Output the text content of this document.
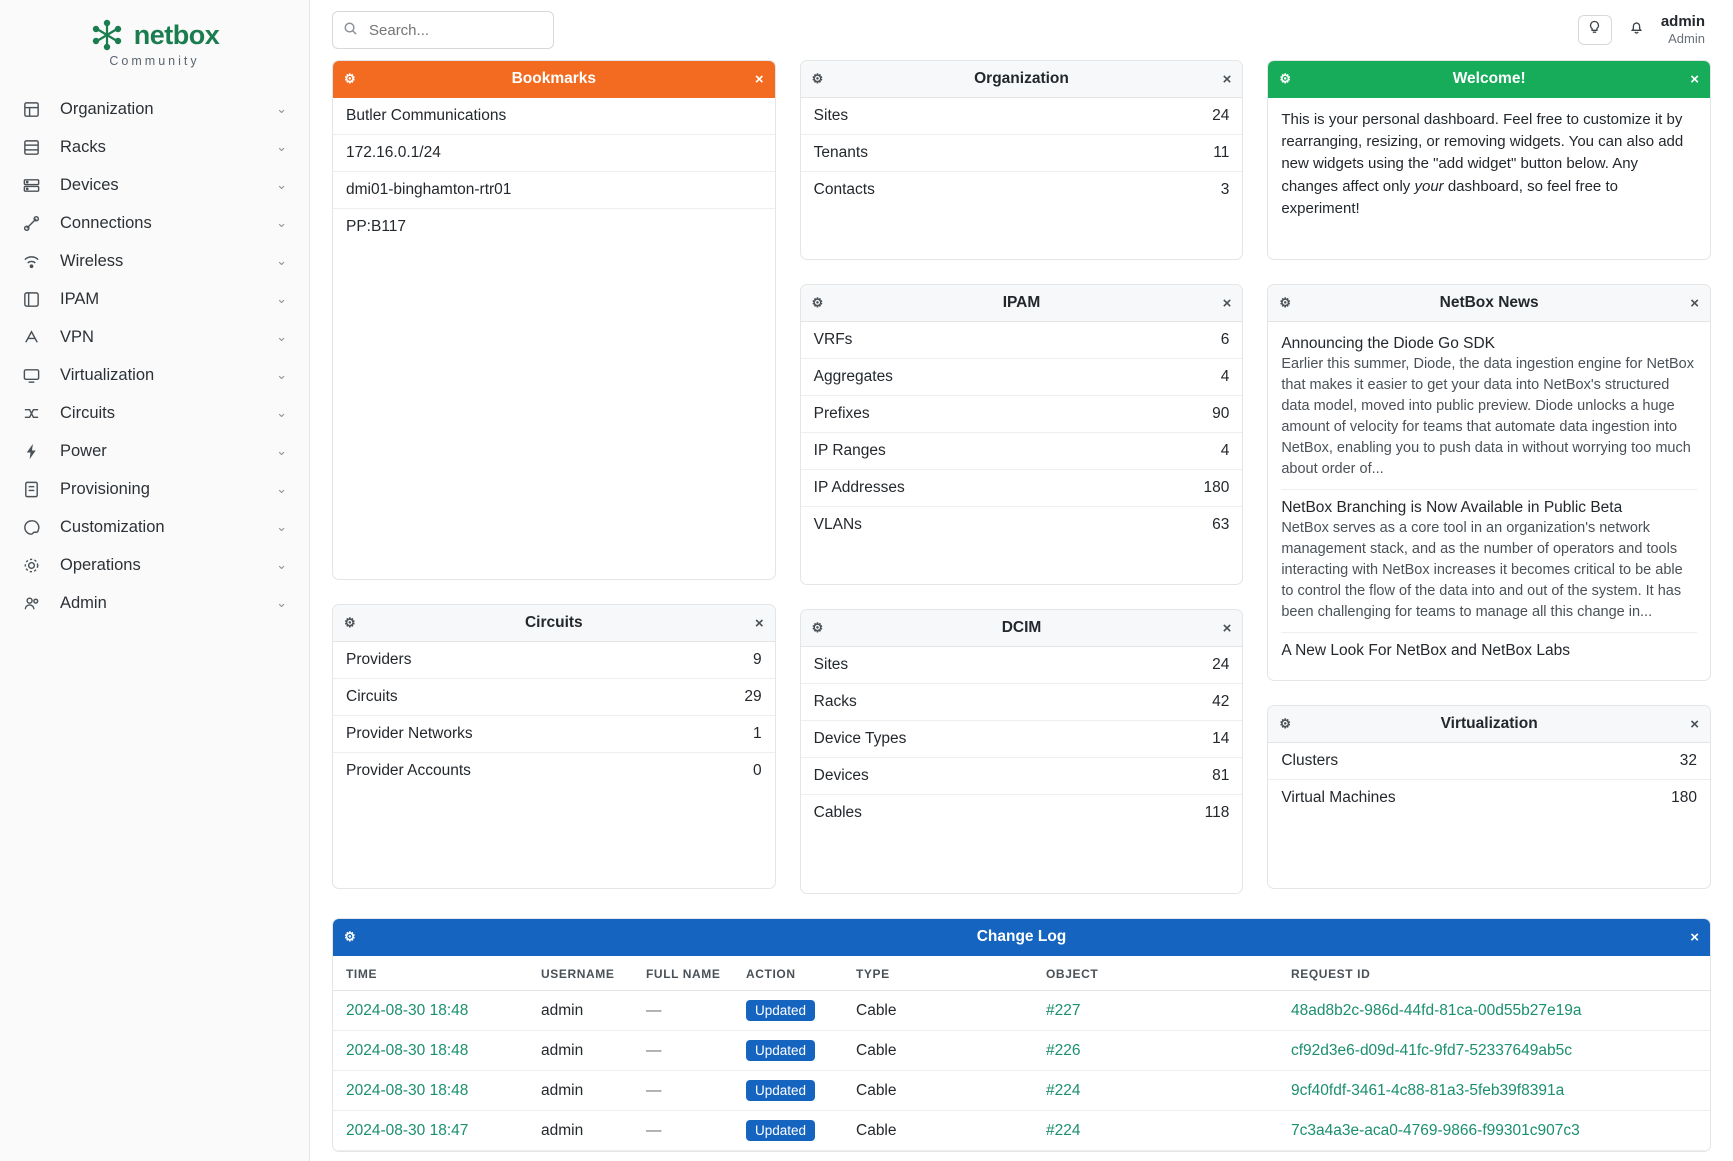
netbox
Community
Organization	⌄
Racks	⌄
Devices	⌄
Connections	⌄
Wireless	⌄
IPAM	⌄
VPN	⌄
Virtualization	⌄
Circuits	⌄
Power	⌄
Provisioning	⌄
Customization	⌄
Operations	⌄
Admin	⌄
Search...
admin
Admin
⚙	Bookmarks	×
Butler Communications
172.16.0.1/24
dmi01-binghamton-rtr01
PP:B117
⚙	Circuits	×
Providers	9
Circuits	29
Provider Networks	1
Provider Accounts	0
⚙	Organization	×
Sites	24
Tenants	11
Contacts	3
⚙	IPAM	×
VRFs	6
Aggregates	4
Prefixes	90
IP Ranges	4
IP Addresses	180
VLANs	63
⚙	DCIM	×
Sites	24
Racks	42
Device Types	14
Devices	81
Cables	118
⚙	Welcome!	×
This is your personal dashboard. Feel free to customize it by rearranging, resizing, or removing widgets. You can also add new widgets using the "add widget" button below. Any changes affect only your dashboard, so feel free to experiment!
⚙	NetBox News	×
Announcing the Diode Go SDK
Earlier this summer, Diode, the data ingestion engine for NetBox that makes it easier to get your data into NetBox's structured data model, moved into public preview. Diode unlocks a huge amount of velocity for teams that automate data ingestion into NetBox, enabling you to push data in without worrying too much about order of...
NetBox Branching is Now Available in Public Beta
NetBox serves as a core tool in an organization's network management stack, and as the number of operators and tools interacting with NetBox increases it becomes critical to be able to control the flow of the data into and out of the system. It has been challenging for teams to manage all this change in...
A New Look For NetBox and NetBox Labs
⚙	Virtualization	×
Clusters	32
Virtual Machines	180
⚙	Change Log	×
TIME	USERNAME	FULL NAME	ACTION	TYPE	OBJECT	REQUEST ID
2024-08-30 18:48	admin	—	Updated	Cable	#227	48ad8b2c-986d-44fd-81ca-00d55b27e19a
2024-08-30 18:48	admin	—	Updated	Cable	#226	cf92d3e6-d09d-41fc-9fd7-52337649ab5c
2024-08-30 18:48	admin	—	Updated	Cable	#224	9cf40fdf-3461-4c88-81a3-5feb39f8391a
2024-08-30 18:47	admin	—	Updated	Cable	#224	7c3a4a3e-aca0-4769-9866-f99301c907c3
